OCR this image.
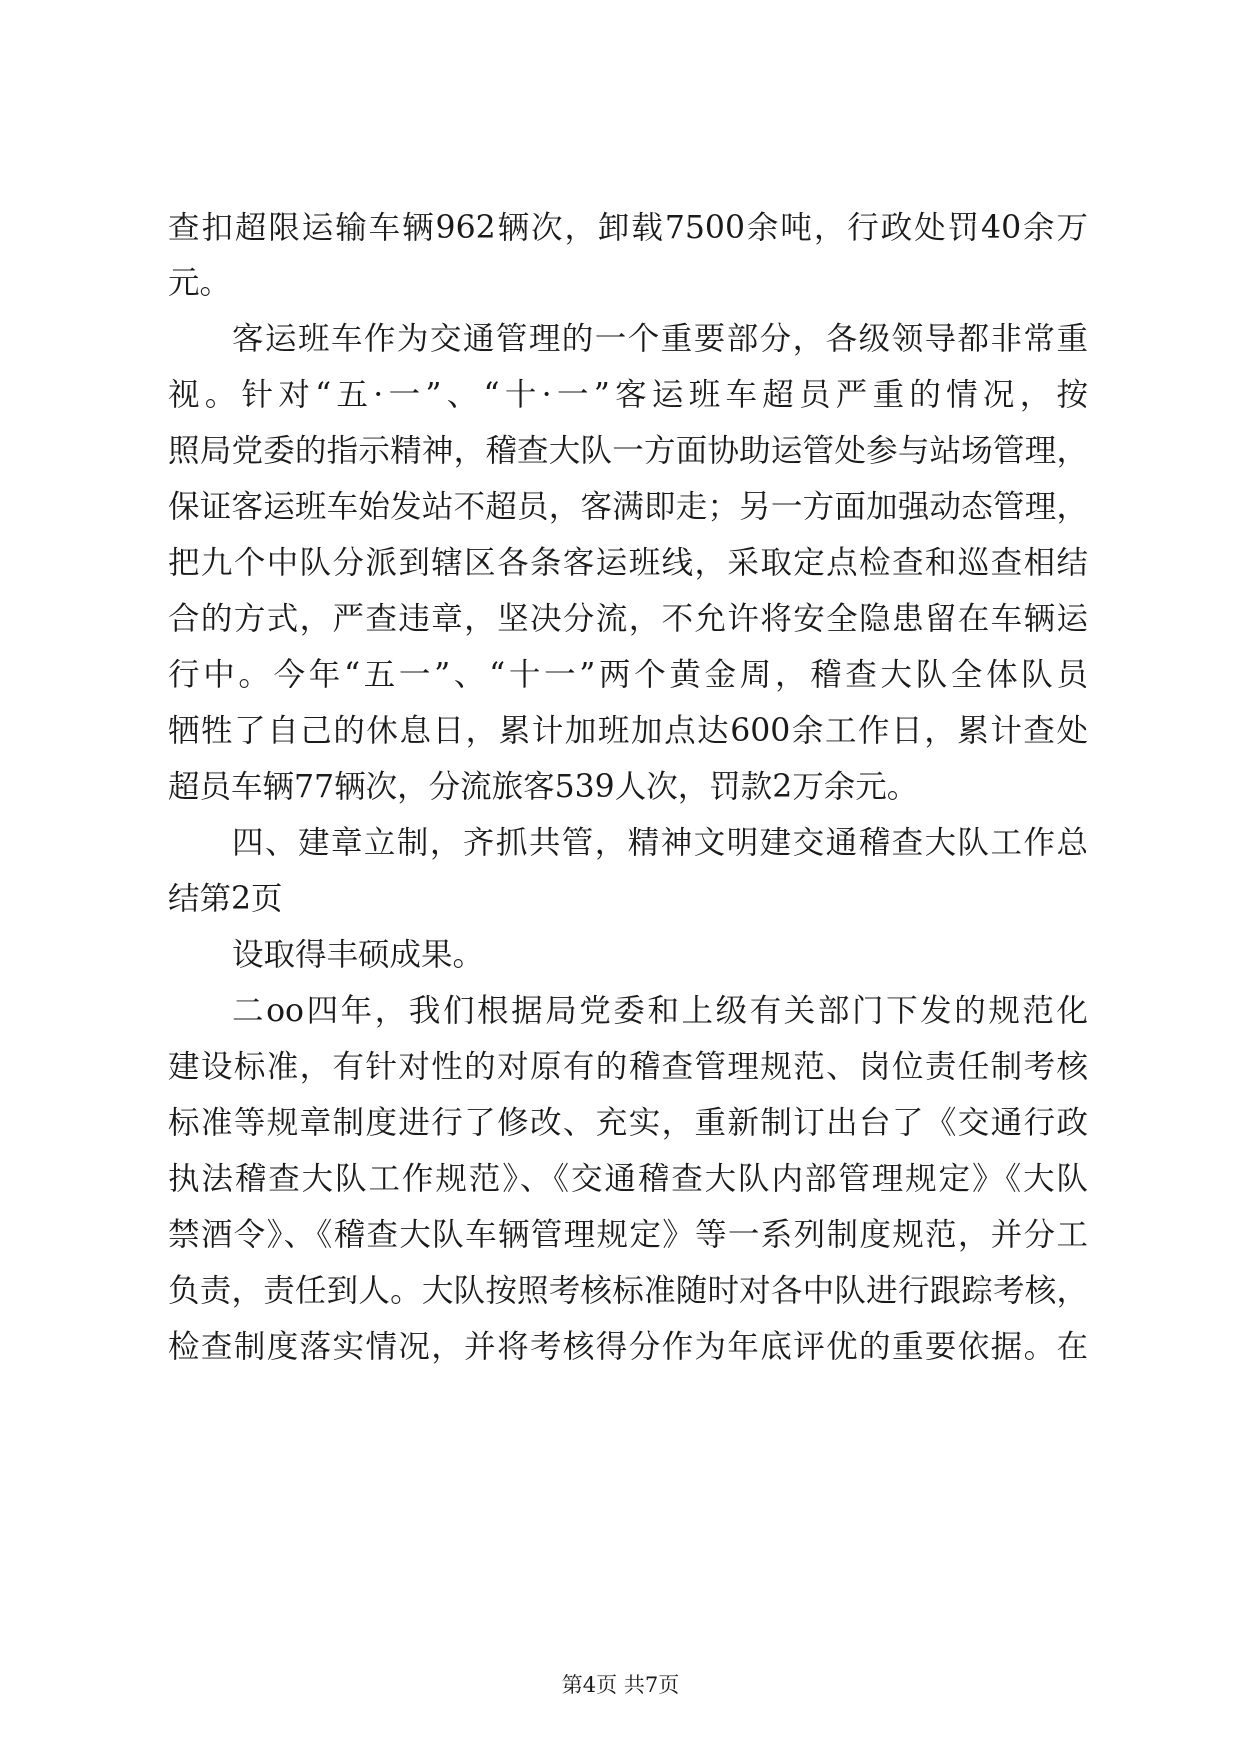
查扣超限运输车辆962辆次，卸载7500余吨，行政处罚40余万
元。
客运班车作为交通管理的一个重要部分，各级领导都非常重
视。针对“五·一”、“十·一”客运班车超员严重的情况，按
照局党委的指示精神，稽查大队一方面协助运管处参与站场管理，
保证客运班车始发站不超员，客满即走；另一方面加强动态管理，
把九个中队分派到辖区各条客运班线，采取定点检查和巡查相结
合的方式，严查违章，坚决分流，不允许将安全隐患留在车辆运
行中。今年“五一”、“十一”两个黄金周，稽查大队全体队员
牺牲了自己的休息日，累计加班加点达600余工作日，累计查处
超员车辆77辆次，分流旅客539人次，罚款2万余元。
四、建章立制，齐抓共管，精神文明建交通稽查大队工作总
结第2页
设取得丰硕成果。
二oo四年，我们根据局党委和上级有关部门下发的规范化
建设标准，有针对性的对原有的稽查管理规范、岗位责任制考核
标准等规章制度进行了修改、充实，重新制订出台了《交通行政
执法稽查大队工作规范》、《交通稽查大队内部管理规定》《大队
禁酒令》、《稽查大队车辆管理规定》等一系列制度规范，并分工
负责，责任到人。大队按照考核标准随时对各中队进行跟踪考核，
检查制度落实情况，并将考核得分作为年底评优的重要依据。在
第4页 共7页
